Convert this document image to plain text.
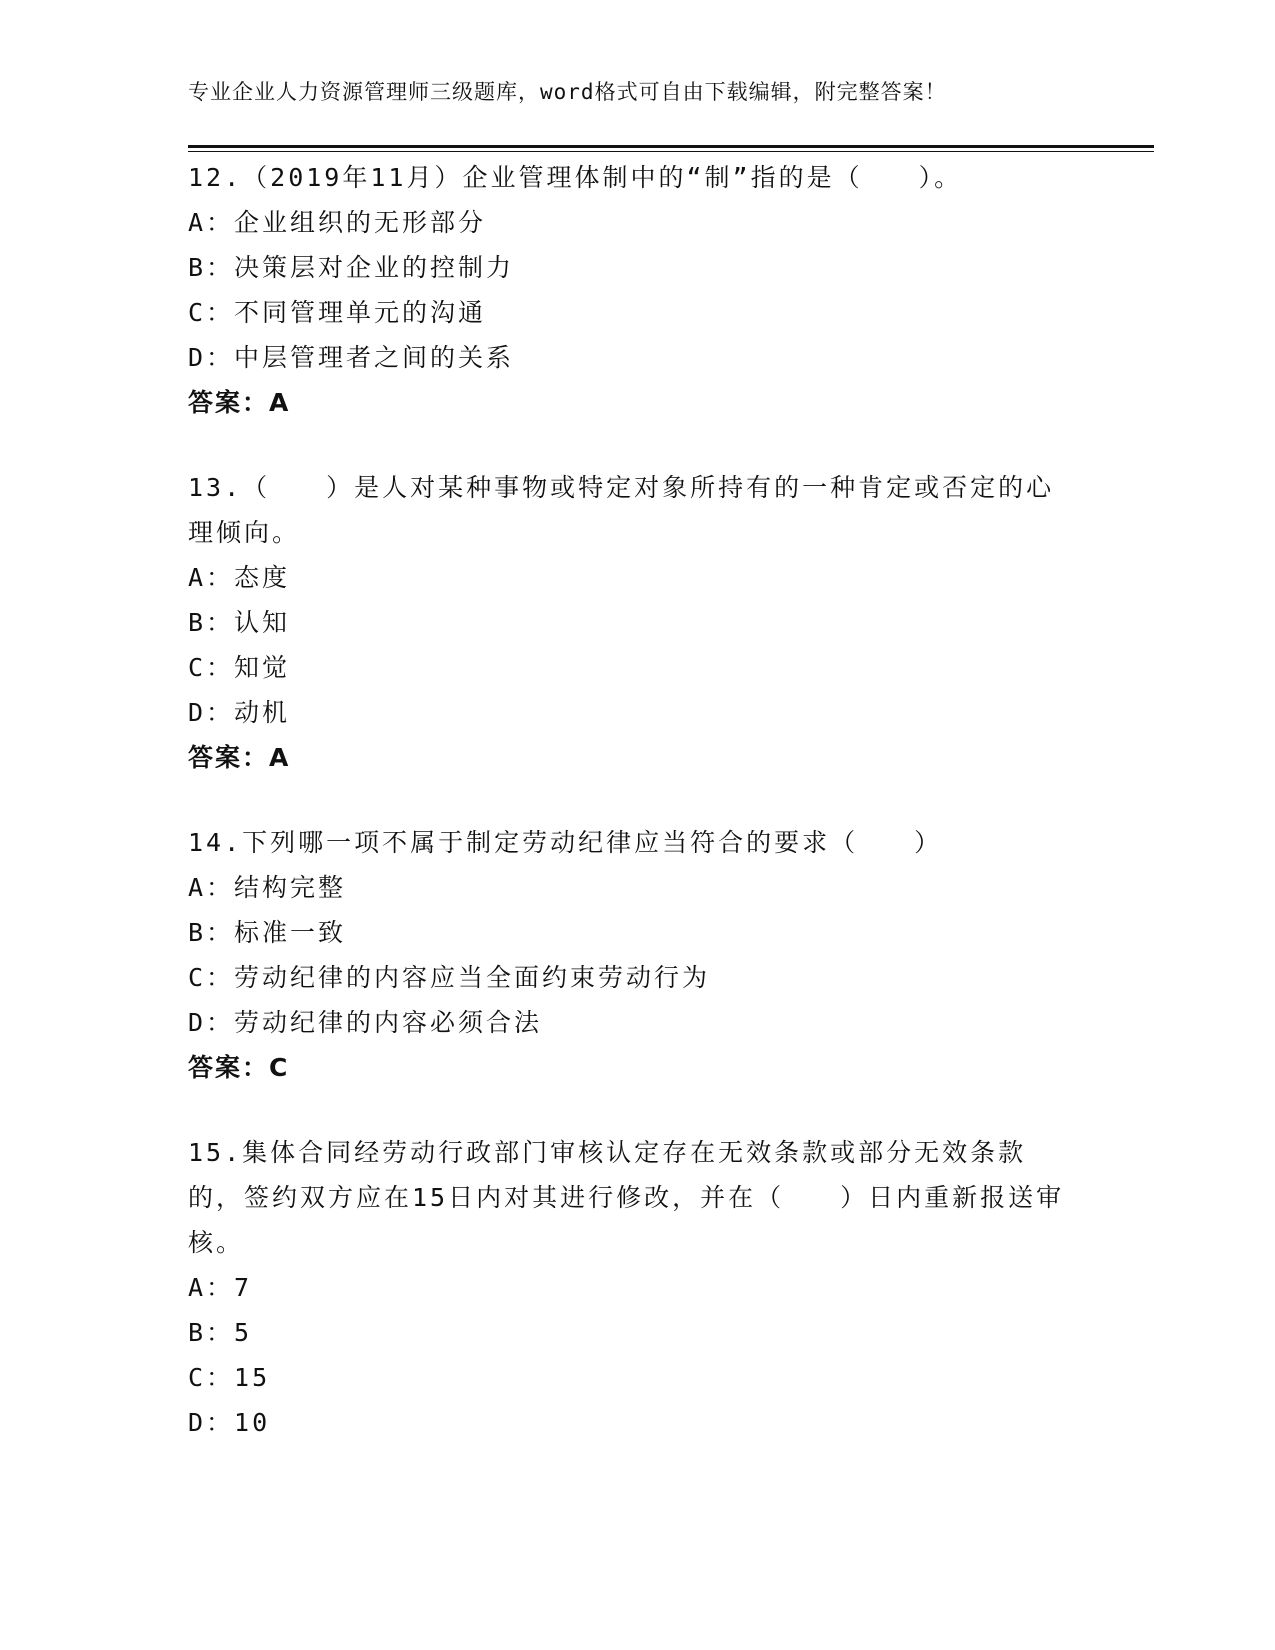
专业企业人力资源管理师三级题库，word格式可自由下载编辑，附完整答案！
12.（2019年11月）企业管理体制中的“制”指的是（　　）。
A：企业组织的无形部分
B：决策层对企业的控制力
C：不同管理单元的沟通
D：中层管理者之间的关系
答案：A
13.（　　）是人对某种事物或特定对象所持有的一种肯定或否定的心理倾向。
A：态度
B：认知
C：知觉
D：动机
答案：A
14.下列哪一项不属于制定劳动纪律应当符合的要求（　　）
A：结构完整
B：标准一致
C：劳动纪律的内容应当全面约束劳动行为
D：劳动纪律的内容必须合法
答案：C
15.集体合同经劳动行政部门审核认定存在无效条款或部分无效条款的，签约双方应在15日内对其进行修改，并在（　　）日内重新报送审核。
A：7
B：5
C：15
D：10
